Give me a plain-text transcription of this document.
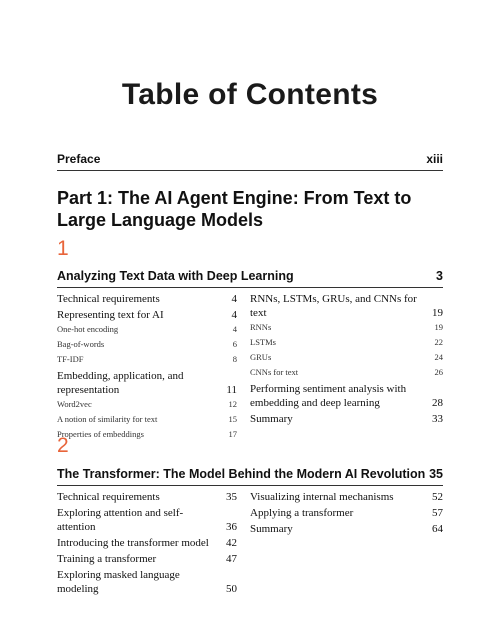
Table of Contents
Preface	xiii
Part 1: The AI Agent Engine: From Text to Large Language Models
1
Analyzing Text Data with Deep Learning	3
Technical requirements	4
Representing text for AI	4
One-hot encoding	4
Bag-of-words	6
TF-IDF	8
Embedding, application, and representation	11
Word2vec	12
A notion of similarity for text	15
Properties of embeddings	17
RNNs, LSTMs, GRUs, and CNNs for text	19
RNNs	19
LSTMs	22
GRUs	24
CNNs for text	26
Performing sentiment analysis with embedding and deep learning	28
Summary	33
2
The Transformer: The Model Behind the Modern AI Revolution 35
Technical requirements	35
Exploring attention and self-attention	36
Introducing the transformer model	42
Training a transformer	47
Exploring masked language modeling	50
Visualizing internal mechanisms	52
Applying a transformer	57
Summary	64
